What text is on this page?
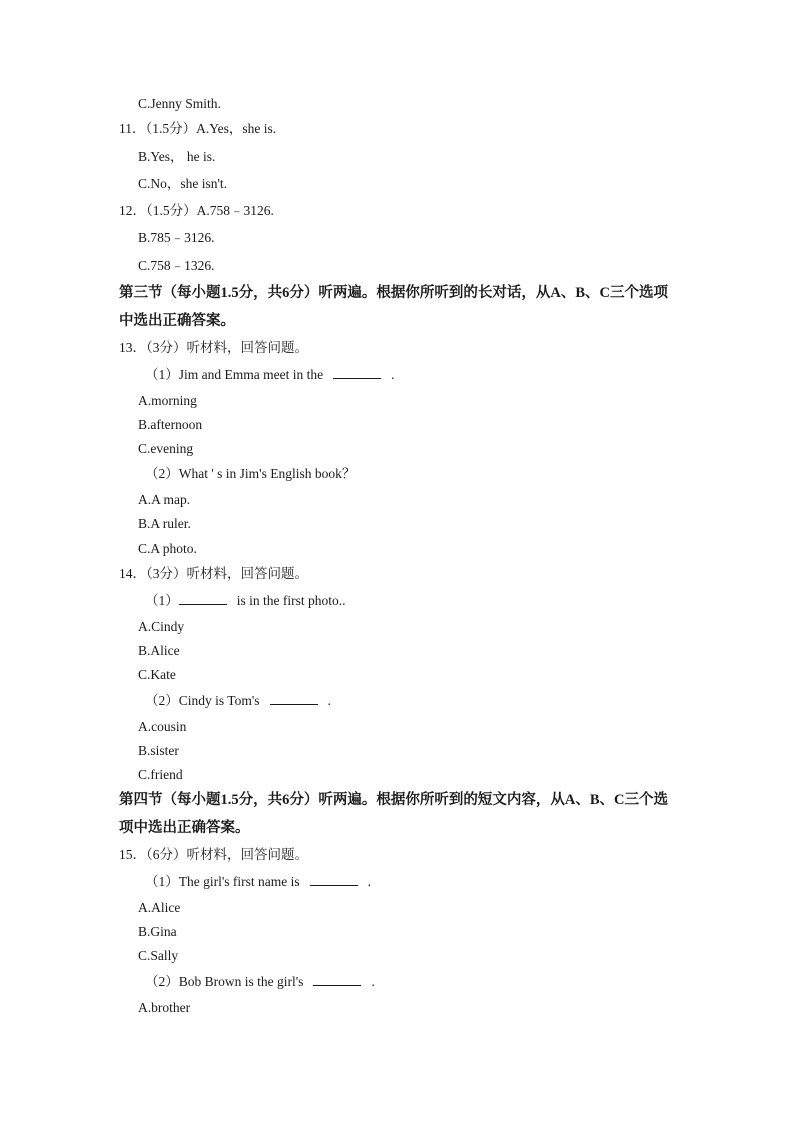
C.Jenny Smith.
11．（1.5分）A.Yes，she is.
B.Yes， he is.
C.No，she isn't.
12．（1.5分）A.758﹣3126.
B.785﹣3126.
C.758﹣1326.
第三节（每小题1.5分，共6分）听两遍。根据你所听到的长对话，从A、B、C三个选项
中选出正确答案。
13．（3分）听材料，回答问题。
（1）Jim and Emma meet in the	.
A.morning
B.afternoon
C.evening
（2）What ' s in Jim's English book？
A.A map.
B.A ruler.
C.A photo.
14．（3分）听材料，回答问题。
（1）	is in the first photo..
A.Cindy
B.Alice
C.Kate
（2）Cindy is Tom's	.
A.cousin
B.sister
C.friend
第四节（每小题1.5分，共6分）听两遍。根据你所听到的短文内容，从A、B、C三个选
项中选出正确答案。
15．（6分）听材料，回答问题。
（1）The girl's first name is	.
A.Alice
B.Gina
C.Sally
（2）Bob Brown is the girl's	.
A.brother
